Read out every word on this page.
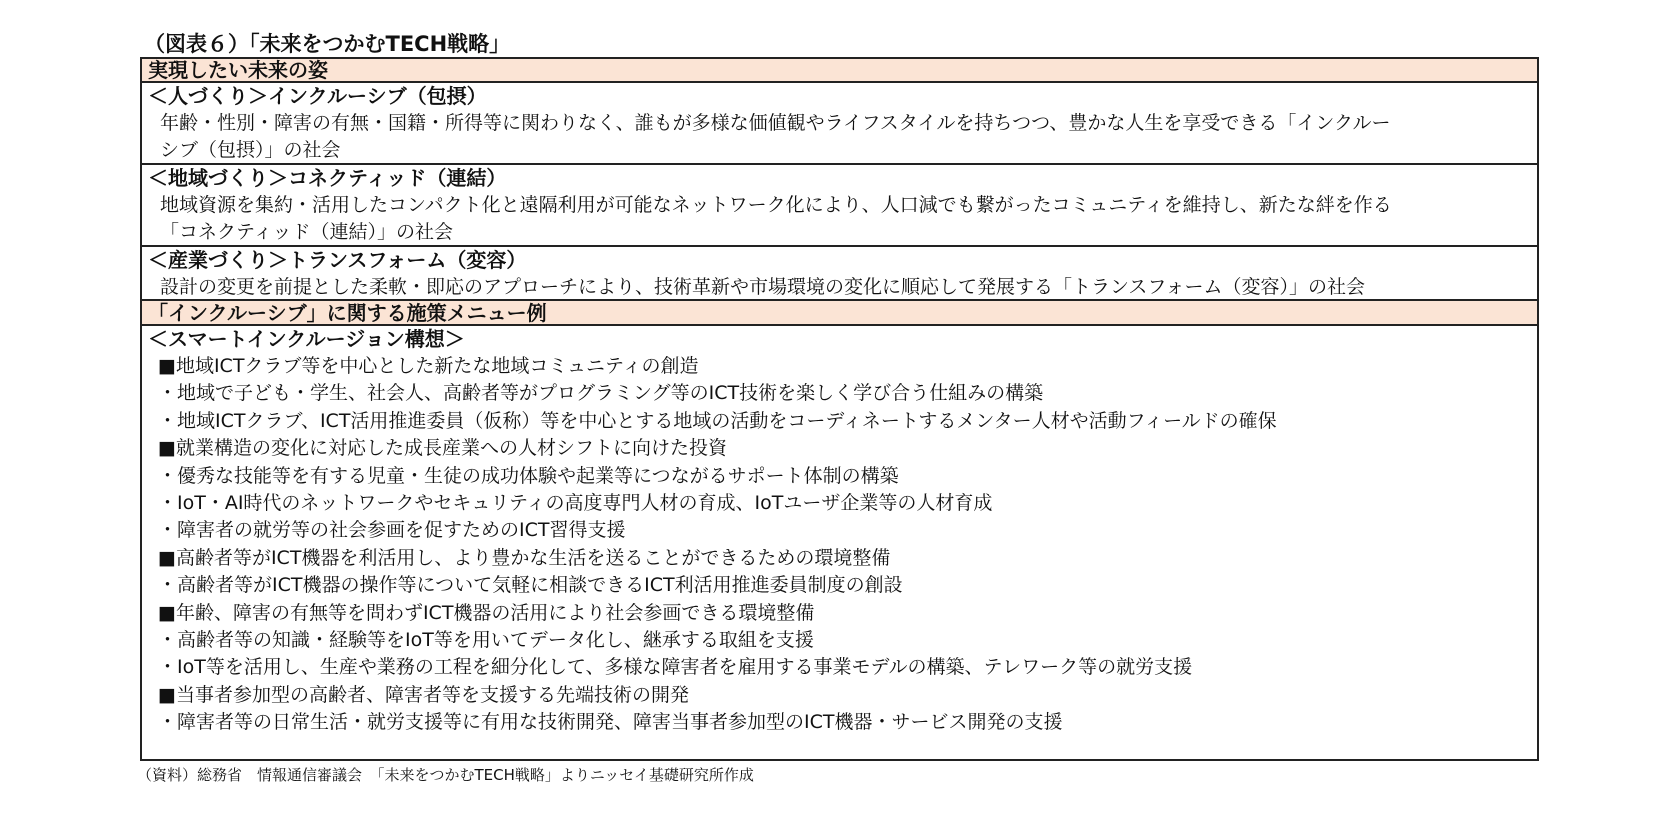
（図表６）「未来をつかむTECH戦略」
実現したい未来の姿
＜人づくり＞インクルーシブ（包摂）
年齢・性別・障害の有無・国籍・所得等に関わりなく、誰もが多様な価値観やライフスタイルを持ちつつ、豊かな人生を享受できる「インクルー
シブ（包摂）」の社会
＜地域づくり＞コネクティッド（連結）
地域資源を集約・活用したコンパクト化と遠隔利用が可能なネットワーク化により、人口減でも繋がったコミュニティを維持し、新たな絆を作る
「コネクティッド（連結）」の社会
＜産業づくり＞トランスフォーム（変容）
設計の変更を前提とした柔軟・即応のアプローチにより、技術革新や市場環境の変化に順応して発展する「トランスフォーム（変容）」の社会
「インクルーシブ」に関する施策メニュー例
＜スマートインクルージョン構想＞
■地域ICTクラブ等を中心とした新たな地域コミュニティの創造
・地域で子ども・学生、社会人、高齢者等がプログラミング等のICT技術を楽しく学び合う仕組みの構築
・地域ICTクラブ、ICT活用推進委員（仮称）等を中心とする地域の活動をコーディネートするメンター人材や活動フィールドの確保
■就業構造の変化に対応した成長産業への人材シフトに向けた投資
・優秀な技能等を有する児童・生徒の成功体験や起業等につながるサポート体制の構築
・IoT・AI時代のネットワークやセキュリティの高度専門人材の育成、IoTユーザ企業等の人材育成
・障害者の就労等の社会参画を促すためのICT習得支援
■高齢者等がICT機器を利活用し、より豊かな生活を送ることができるための環境整備
・高齢者等がICT機器の操作等について気軽に相談できるICT利活用推進委員制度の創設
■年齢、障害の有無等を問わずICT機器の活用により社会参画できる環境整備
・高齢者等の知識・経験等をIoT等を用いてデータ化し、継承する取組を支援
・IoT等を活用し、生産や業務の工程を細分化して、多様な障害者を雇用する事業モデルの構築、テレワーク等の就労支援
■当事者参加型の高齢者、障害者等を支援する先端技術の開発
・障害者等の日常生活・就労支援等に有用な技術開発、障害当事者参加型のICT機器・サービス開発の支援
（資料）総務省　情報通信審議会　「未来をつかむTECH戦略」よりニッセイ基礎研究所作成
